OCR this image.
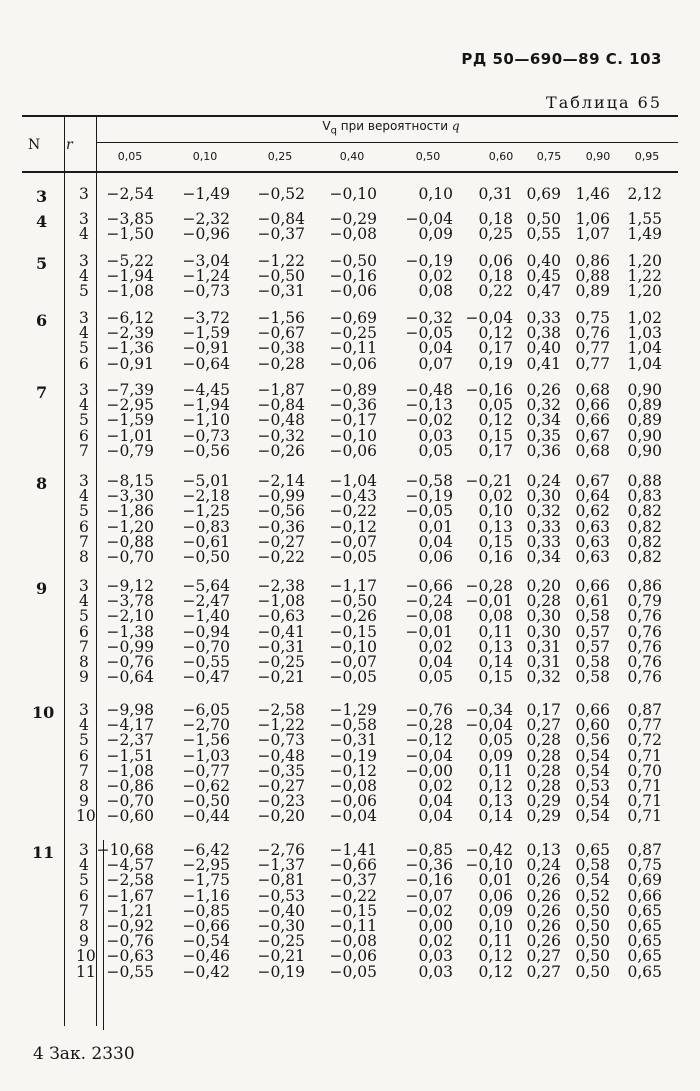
РД 50—690—89 С. 103
Таблица 65
N r
$V_q$ при вероятности q
0,05	0,10	0,25	0,40	0,50	0,60	0,75	0,90	0,95
3 3 −2,54 −1,49 −0,52 −0,10	0,10 0,31 0,69 1,46 2,12
4 3 −3,85 −2,32 −0,84 −0,29 −0,04 0,18 0,50 1,06 1,55
4 −1,50 −0,96 −0,37 −0,08	0,09 0,25 0,55 1,07 1,49
5 3 −5,22 −3,04 −1,22 −0,50 −0,19 0,06 0,40 0,86 1,20
4 −1,94 −1,24 −0,50 −0,16	0,02 0,18 0,45 0,88 1,22
5 −1,08 −0,73 −0,31 −0,06	0,08 0,22 0,47 0,89 1,20
6 3 −6,12 −3,72 −1,56 −0,69 −0,32 −0,04 0,33 0,75 1,02
4 −2,39 −1,59 −0,67 −0,25 −0,05 0,12 0,38 0,76 1,03
5 −1,36 −0,91 −0,38 −0,11	0,04 0,17 0,40 0,77 1,04
6 −0,91 −0,64 −0,28 −0,06	0,07 0,19 0,41 0,77 1,04
7 3 −7,39 −4,45 −1,87 −0,89 −0,48 −0,16 0,26 0,68 0,90
4 −2,95 −1,94 −0,84 −0,36 −0,13 0,05 0,32 0,66 0,89
5 −1,59 −1,10 −0,48 −0,17 −0,02 0,12 0,34 0,66 0,89
6 −1,01 −0,73 −0,32 −0,10	0,03 0,15 0,35 0,67 0,90
7 −0,79 −0,56 −0,26 −0,06	0,05 0,17 0,36 0,68 0,90
8 3 −8,15 −5,01 −2,14 −1,04 −0,58 −0,21 0,24 0,67 0,88
4 −3,30 −2,18 −0,99 −0,43 −0,19 0,02 0,30 0,64 0,83
5 −1,86 −1,25 −0,56 −0,22 −0,05 0,10 0,32 0,62 0,82
6 −1,20 −0,83 −0,36 −0,12	0,01 0,13 0,33 0,63 0,82
7 −0,88 −0,61 −0,27 −0,07	0,04 0,15 0,33 0,63 0,82
8 −0,70 −0,50 −0,22 −0,05	0,06 0,16 0,34 0,63 0,82
9 3 −9,12 −5,64 −2,38 −1,17 −0,66 −0,28 0,20 0,66 0,86
4 −3,78 −2,47 −1,08 −0,50 −0,24 −0,01 0,28 0,61 0,79
5 −2,10 −1,40 −0,63 −0,26 −0,08 0,08 0,30 0,58 0,76
6 −1,38 −0,94 −0,41 −0,15 −0,01 0,11 0,30 0,57 0,76
7 −0,99 −0,70 −0,31 −0,10	0,02 0,13 0,31 0,57 0,76
8 −0,76 −0,55 −0,25 −0,07	0,04 0,14 0,31 0,58 0,76
9 −0,64 −0,47 −0,21 −0,05	0,05 0,15 0,32 0,58 0,76
10 3 −9,98 −6,05 −2,58 −1,29 −0,76 −0,34 0,17 0,66 0,87
4 −4,17 −2,70 −1,22 −0,58 −0,28 −0,04 0,27 0,60 0,77
5 −2,37 −1,56 −0,73 −0,31 −0,12 0,05 0,28 0,56 0,72
6 −1,51 −1,03 −0,48 −0,19 −0,04 0,09 0,28 0,54 0,71
7 −1,08 −0,77 −0,35 −0,12 −0,00 0,11 0,28 0,54 0,70
8 −0,86 −0,62 −0,27 −0,08	0,02 0,12 0,28 0,53 0,71
9 −0,70 −0,50 −0,23 −0,06	0,04 0,13 0,29 0,54 0,71
10 −0,60 −0,44 −0,20 −0,04	0,04 0,14 0,29 0,54 0,71
11 3 −10,68 −6,42 −2,76 −1,41 −0,85 −0,42 0,13 0,65 0,87
4 −4,57 −2,95 −1,37 −0,66 −0,36 −0,10 0,24 0,58 0,75
5 −2,58 −1,75 −0,81 −0,37 −0,16 0,01 0,26 0,54 0,69
6 −1,67 −1,16 −0,53 −0,22 −0,07 0,06 0,26 0,52 0,66
7 −1,21 −0,85 −0,40 −0,15 −0,02 0,09 0,26 0,50 0,65
8 −0,92 −0,66 −0,30 −0,11	0,00 0,10 0,26 0,50 0,65
9 −0,76 −0,54 −0,25 −0,08	0,02 0,11 0,26 0,50 0,65
10 −0,63 −0,46 −0,21 −0,06	0,03 0,12 0,27 0,50 0,65
11 −0,55 −0,42 −0,19 −0,05	0,03 0,12 0,27 0,50 0,65
4 Зак. 2330
